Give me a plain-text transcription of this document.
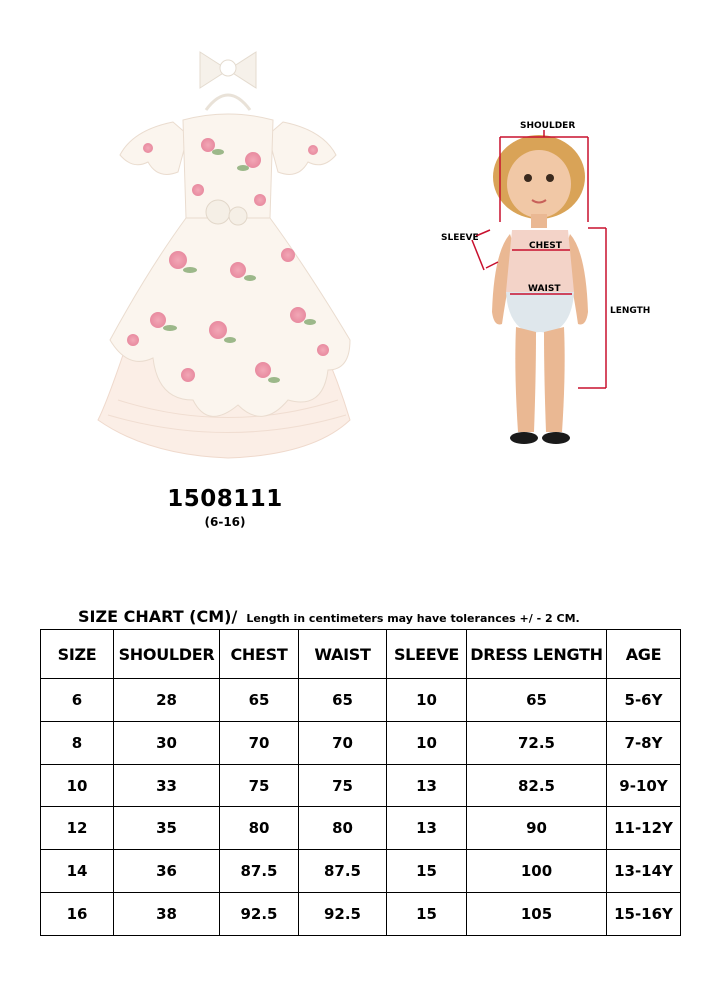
SHOULDER
SLEEVE
CHEST
WAIST
LENGTH
1508111
(6-16)
SIZE CHART (CM)/ Length in centimeters may have tolerances +/ - 2 CM.
SIZE	SHOULDER	CHEST	WAIST	SLEEVE	DRESS LENGTH	AGE
6	28	65	65	10	65	5-6Y
8	30	70	70	10	72.5	7-8Y
10	33	75	75	13	82.5	9-10Y
12	35	80	80	13	90	11-12Y
14	36	87.5	87.5	15	100	13-14Y
16	38	92.5	92.5	15	105	15-16Y
